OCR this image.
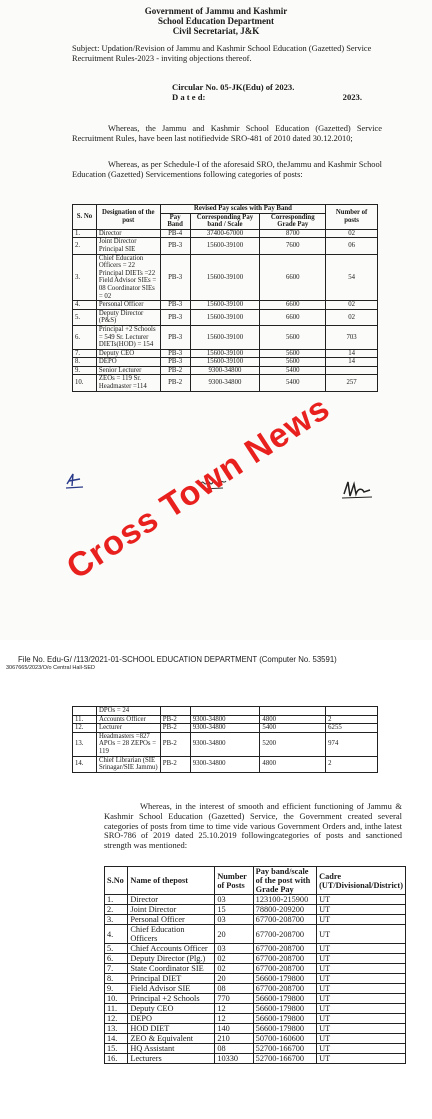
Government of Jammu and Kashmir
School Education Department
Civil Secretariat, J&K
Subject: Updation/Revision of Jammu and Kashmir School Education (Gazetted) Service Recruitment Rules-2023 - inviting objections thereof.
Circular No. 05-JK(Edu) of 2023.
D a t e d:	2023.
Whereas, the Jammu and Kashmir School Education (Gazetted) Service Recruitment Rules, have been last notifiedvide SRO-481 of 2010 dated 30.12.2010;
Whereas, as per Schedule-I of the aforesaid SRO, theJammu and Kashmir School Education (Gazetted) Servicementions following categories of posts:
S. No	Designation of the post	Revised Pay scales with Pay Band			Number of posts
		Pay Band	Corresponding Pay band / Scale	Corresponding Grade Pay	
1.	Director	PB-4	37400-67000	8700	02
2.	Joint Director Principal SIE	PB-3	15600-39100	7600	06
3.	Chief Education Officers = 22 Principal DIETs =22 Field Advisor SIEs = 08 Coordinator SIEs = 02	PB-3	15600-39100	6600	54
4.	Personal Officer	PB-3	15600-39100	6600	02
5.	Deputy Director (P&S)	PB-3	15600-39100	6600	02
6.	Principal +2 Schools = 549 Sr. Lecturer DIETs(HOD) = 154	PB-3	15600-39100	5600	703
7.	Deputy CEO	PB-3	15600-39100	5600	14
8.	DEPO	PB-3	15600-39100	5600	14
9.	Senior Lecturer	PB-2	9300-34800	5400	
10.	ZEOs = 119 Sr. Headmaster =114	PB-2	9300-34800	5400	257
File No. Edu-G/ /113/2021-01-SCHOOL EDUCATION DEPARTMENT (Computer No. 53591)
3067665/2023/O/o Central Hall-SED
	DPOs = 24				
11.	Accounts Officer	PB-2	9300-34800	4800	2
12.	Lecturer	PB-2	9300-34800	5400	6255
13.	Headmasters =827 APOs = 28 ZEPOs = 119	PB-2	9300-34800	5200	974
14.	Chief Librarian (SIE Srinagar/SIE Jammu)	PB-2	9300-34800	4800	2
Whereas, in the interest of smooth and efficient functioning of Jammu & Kashmir School Education (Gazetted) Service, the Government created several categories of posts from time to time vide various Government Orders and, inthe latest SRO-786 of 2019 dated 25.10.2019 followingcategories of posts and sanctioned strength was mentioned:
S.No	Name of thepost	Number of Posts	Pay band/scale of the post with Grade Pay	Cadre (UT/Divisional/District)
1.	Director	03	123100-215900	UT
2.	Joint Director	15	78800-209200	UT
3.	Personal Officer	03	67700-208700	UT
4.	Chief Education Officers	20	67700-208700	UT
5.	Chief Accounts Officer	03	67700-208700	UT
6.	Deputy Director (Plg.)	02	67700-208700	UT
7.	State Coordinator SIE	02	67700-208700	UT
8.	Principal DIET	20	56600-179800	UT
9.	Field Advisor SIE	08	67700-208700	UT
10.	Principal +2 Schools	770	56600-179800	UT
11.	Deputy CEO	12	56600-179800	UT
12.	DEPO	12	56600-179800	UT
13.	HOD DIET	140	56600-179800	UT
14.	ZEO & Equivalent	210	50700-160600	UT
15.	HQ Assistant	08	52700-166700	UT
16.	Lecturers	10330	52700-166700	UT
Cross Town News
